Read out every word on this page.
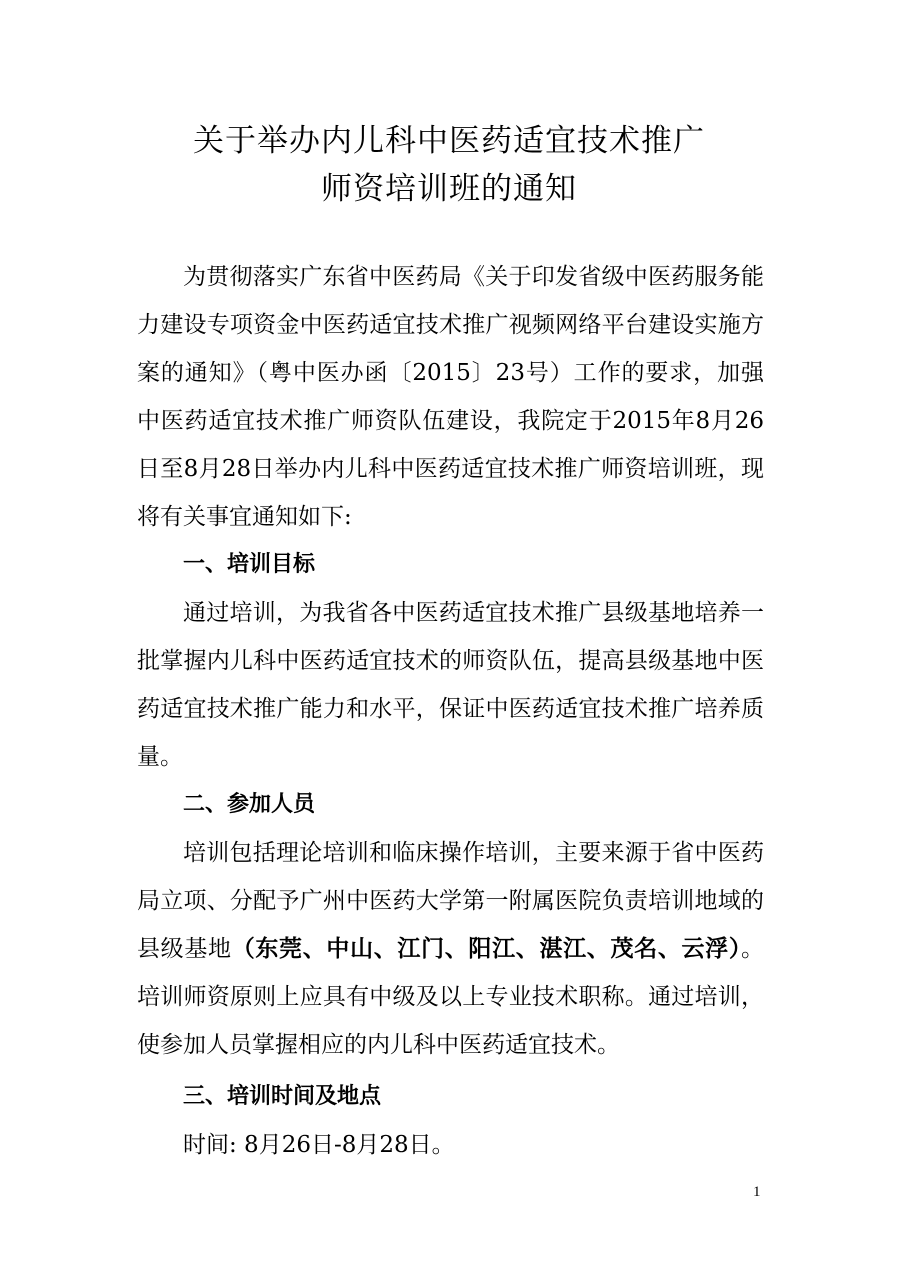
关于举办内儿科中医药适宜技术推广
师资培训班的通知

为贯彻落实广东省中医药局《关于印发省级中医药服务能力建设专项资金中医药适宜技术推广视频网络平台建设实施方案的通知》（粤中医办函〔2015〕23号）工作的要求，加强中医药适宜技术推广师资队伍建设，我院定于2015年8月26日至8月28日举办内儿科中医药适宜技术推广师资培训班，现将有关事宜通知如下:

一、培训目标

通过培训，为我省各中医药适宜技术推广县级基地培养一批掌握内儿科中医药适宜技术的师资队伍，提高县级基地中医药适宜技术推广能力和水平，保证中医药适宜技术推广培养质量。

二、参加人员

培训包括理论培训和临床操作培训，主要来源于省中医药局立项、分配予广州中医药大学第一附属医院负责培训地域的县级基地（东莞、中山、江门、阳江、湛江、茂名、云浮）。培训师资原则上应具有中级及以上专业技术职称。通过培训，使参加人员掌握相应的内儿科中医药适宜技术。

三、培训时间及地点

时间: 8月26日-8月28日。

1
